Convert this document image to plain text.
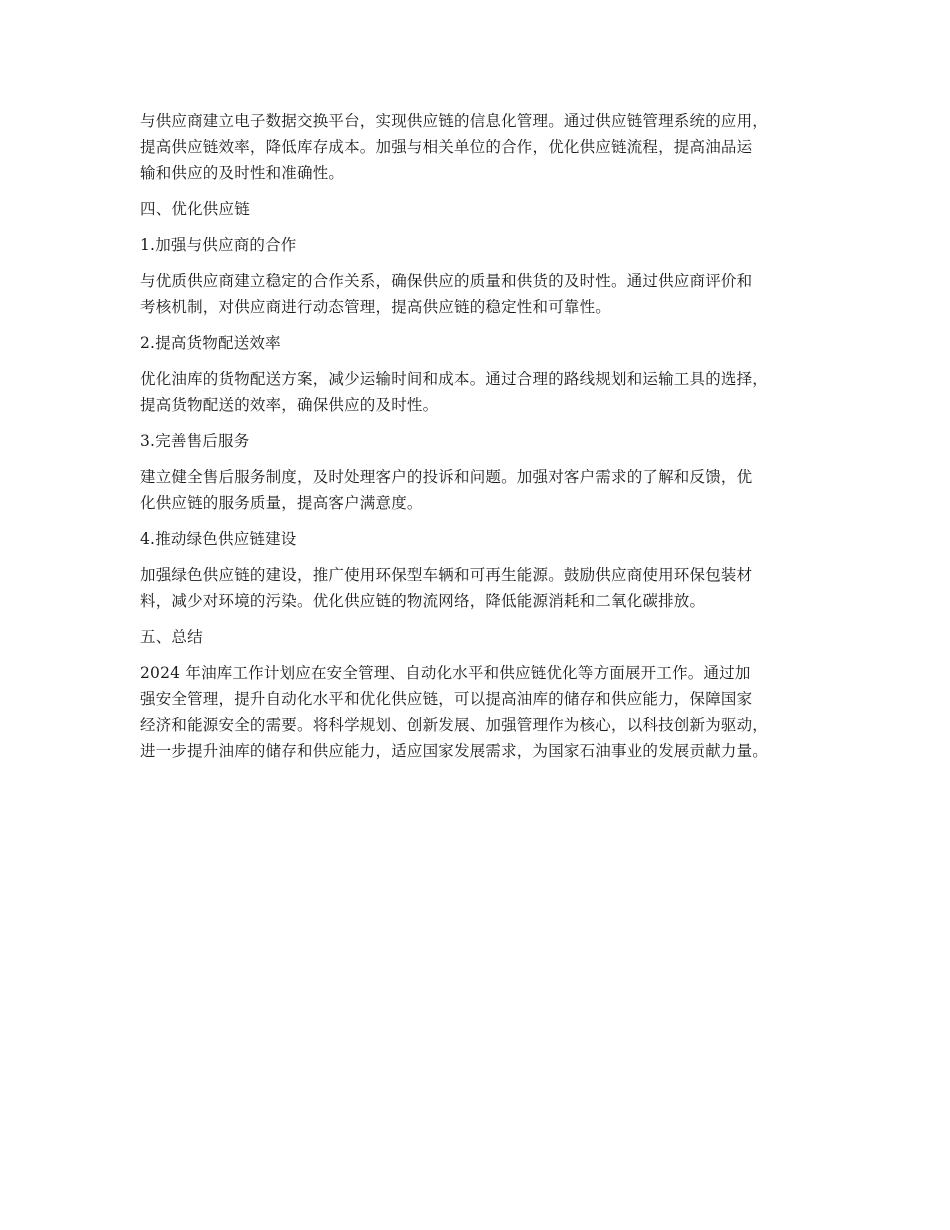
与供应商建立电子数据交换平台，实现供应链的信息化管理。通过供应链管理系统的应用，
提高供应链效率，降低库存成本。加强与相关单位的合作，优化供应链流程，提高油品运
输和供应的及时性和准确性。

四、优化供应链

1.加强与供应商的合作

与优质供应商建立稳定的合作关系，确保供应的质量和供货的及时性。通过供应商评价和
考核机制，对供应商进行动态管理，提高供应链的稳定性和可靠性。

2.提高货物配送效率

优化油库的货物配送方案，减少运输时间和成本。通过合理的路线规划和运输工具的选择，
提高货物配送的效率，确保供应的及时性。

3.完善售后服务

建立健全售后服务制度，及时处理客户的投诉和问题。加强对客户需求的了解和反馈，优
化供应链的服务质量，提高客户满意度。

4.推动绿色供应链建设

加强绿色供应链的建设，推广使用环保型车辆和可再生能源。鼓励供应商使用环保包装材
料，减少对环境的污染。优化供应链的物流网络，降低能源消耗和二氧化碳排放。

五、总结

2024 年油库工作计划应在安全管理、自动化水平和供应链优化等方面展开工作。通过加
强安全管理，提升自动化水平和优化供应链，可以提高油库的储存和供应能力，保障国家
经济和能源安全的需要。将科学规划、创新发展、加强管理作为核心，以科技创新为驱动，
进一步提升油库的储存和供应能力，适应国家发展需求，为国家石油事业的发展贡献力量。
